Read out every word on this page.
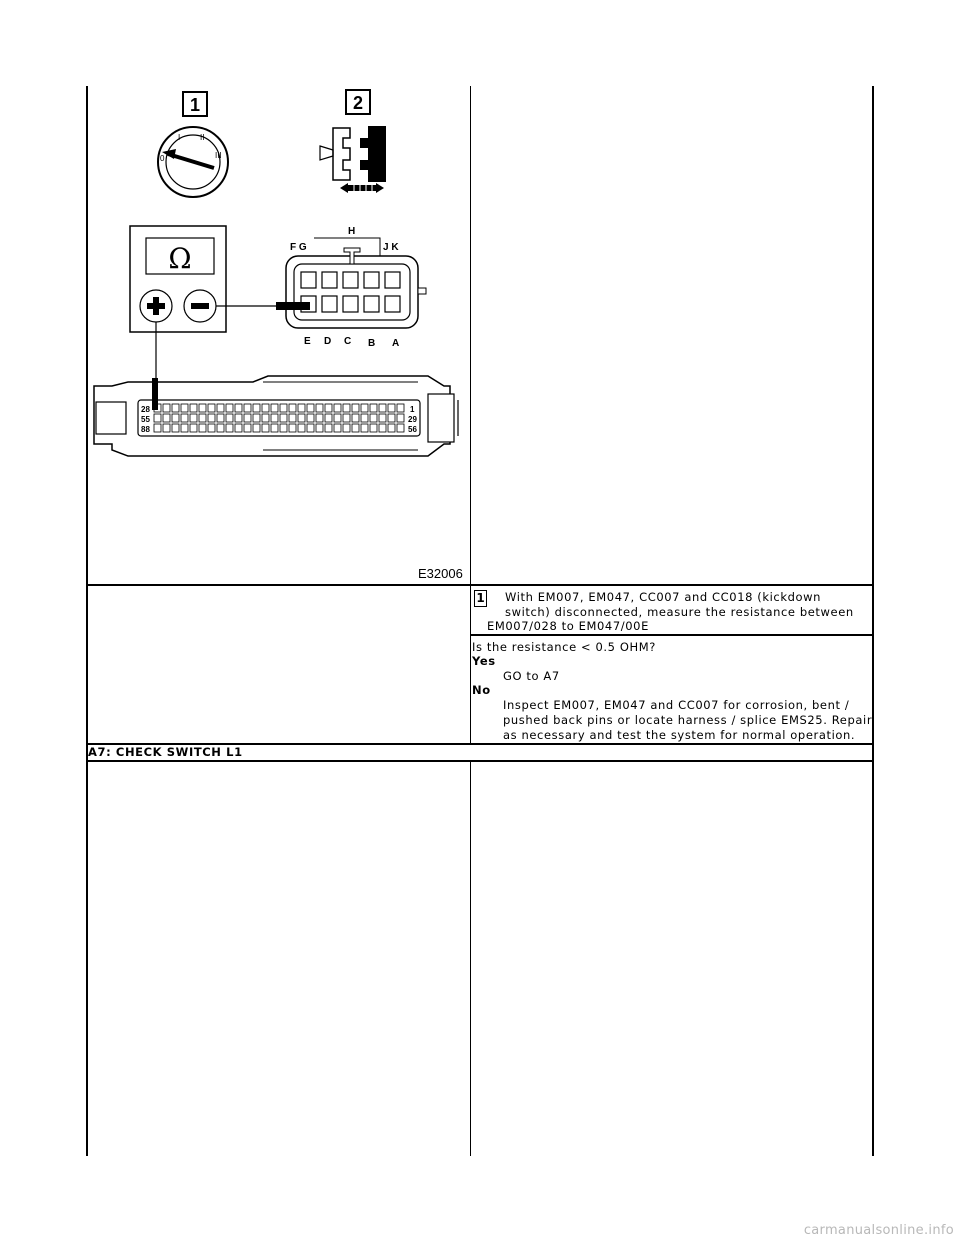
1
0
I II
III
2
Ω	F G
H
J K
E D C B A
28
55
88
1
29
56
E32006
1 With EM007, EM047, CC007 and CC018 (kickdown
switch) disconnected, measure the resistance between
EM007/028 to EM047/00E
Is the resistance < 0.5 OHM?
Yes
GO to A7
No
Inspect EM007, EM047 and CC007 for corrosion, bent /
pushed back pins or locate harness / splice EMS25. Repair
as necessary and test the system for normal operation.
A7: CHECK SWITCH L1
carmanualsonline.info
